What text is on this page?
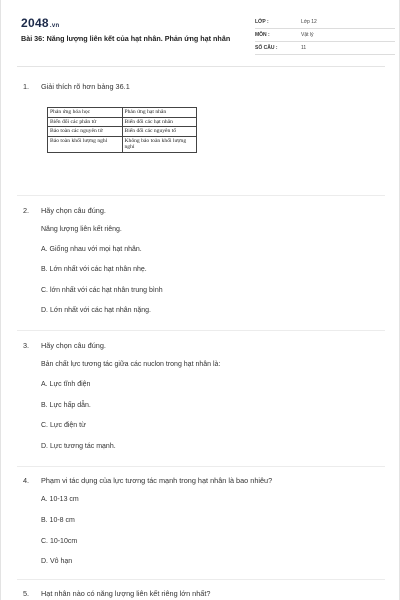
2048.vn
Bài 36: Năng lượng liên kết của hạt nhân. Phản ứng hạt nhân
LỚP :	Lớp 12
MÔN :	Vật lý
SỐ CÂU :	11
1. Giải thích rõ hơn bảng 36.1
Phản ứng hóa học	Phản ứng hạt nhân
Biến đổi các phân tử	Biến đổi các hạt nhân
Bảo toàn các nguyên tử	Biến đổi các nguyên tố
Bảo toàn khối lượng nghỉ	Không bảo toàn khối lượng nghỉ
2. Hãy chọn câu đúng.
Năng lượng liên kết riêng.
A. Giống nhau với mọi hạt nhân.
B. Lớn nhất với các hạt nhân nhẹ.
C. lớn nhất với các hạt nhân trung bình
D. Lớn nhất với các hạt nhân nặng.
3. Hãy chọn câu đúng.
Bản chất lực tương tác giữa các nuclon trong hạt nhân là:
A. Lực tĩnh điện
B. Lực hấp dẫn.
C. Lực điện từ
D. Lực tương tác mạnh.
4. Phạm vi tác dụng của lực tương tác mạnh trong hạt nhân là bao nhiêu?
A. 10-13 cm
B. 10-8 cm
C. 10-10cm
D. Vô hạn
5. Hạt nhân nào có năng lượng liên kết riêng lớn nhất?
